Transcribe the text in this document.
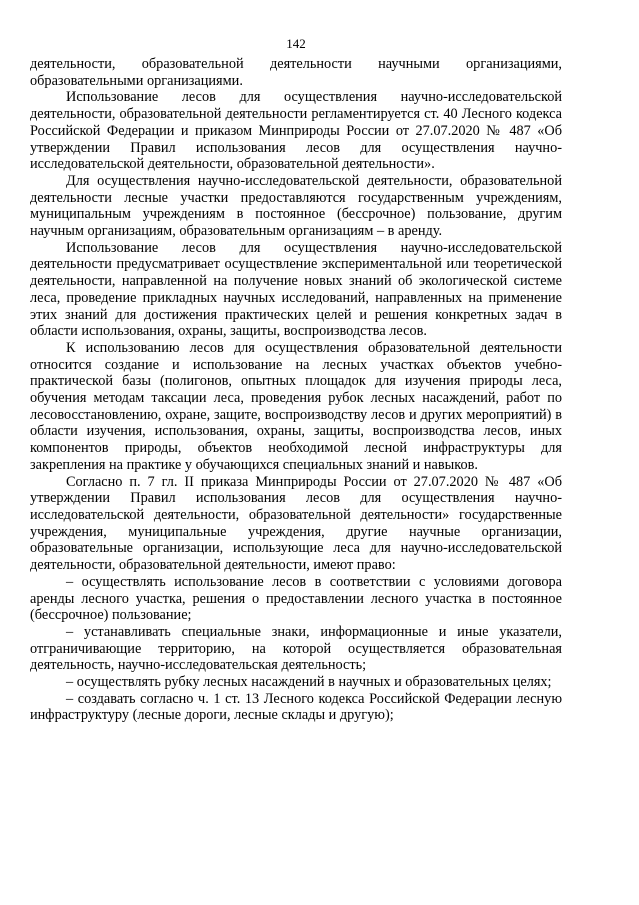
142

деятельности, образовательной деятельности научными организациями, образовательными организациями.

Использование лесов для осуществления научно-исследовательской деятельности, образовательной деятельности регламентируется ст. 40 Лесного кодекса Российской Федерации и приказом Минприроды России от 27.07.2020 № 487 «Об утверждении Правил использования лесов для осуществления научно-исследовательской деятельности, образовательной деятельности».

Для осуществления научно-исследовательской деятельности, образовательной деятельности лесные участки предоставляются государственным учреждениям, муниципальным учреждениям в постоянное (бессрочное) пользование, другим научным организациям, образовательным организациям – в аренду.

Использование лесов для осуществления научно-исследовательской деятельности предусматривает осуществление экспериментальной или теоретической деятельности, направленной на получение новых знаний об экологической системе леса, проведение прикладных научных исследований, направленных на применение этих знаний для достижения практических целей и решения конкретных задач в области использования, охраны, защиты, воспроизводства лесов.

К использованию лесов для осуществления образовательной деятельности относится создание и использование на лесных участках объектов учебно-практической базы (полигонов, опытных площадок для изучения природы леса, обучения методам таксации леса, проведения рубок лесных насаждений, работ по лесовосстановлению, охране, защите, воспроизводству лесов и других мероприятий) в области изучения, использования, охраны, защиты, воспроизводства лесов, иных компонентов природы, объектов необходимой лесной инфраструктуры для закрепления на практике у обучающихся специальных знаний и навыков.

Согласно п. 7 гл. II приказа Минприроды России от 27.07.2020 № 487 «Об утверждении Правил использования лесов для осуществления научно-исследовательской деятельности, образовательной деятельности» государственные учреждения, муниципальные учреждения, другие научные организации, образовательные организации, использующие леса для научно-исследовательской деятельности, образовательной деятельности, имеют право:

– осуществлять использование лесов в соответствии с условиями договора аренды лесного участка, решения о предоставлении лесного участка в постоянное (бессрочное) пользование;

– устанавливать специальные знаки, информационные и иные указатели, отграничивающие территорию, на которой осуществляется образовательная деятельность, научно-исследовательская деятельность;

– осуществлять рубку лесных насаждений в научных и образовательных целях;

– создавать согласно ч. 1 ст. 13 Лесного кодекса Российской Федерации лесную инфраструктуру (лесные дороги, лесные склады и другую);
